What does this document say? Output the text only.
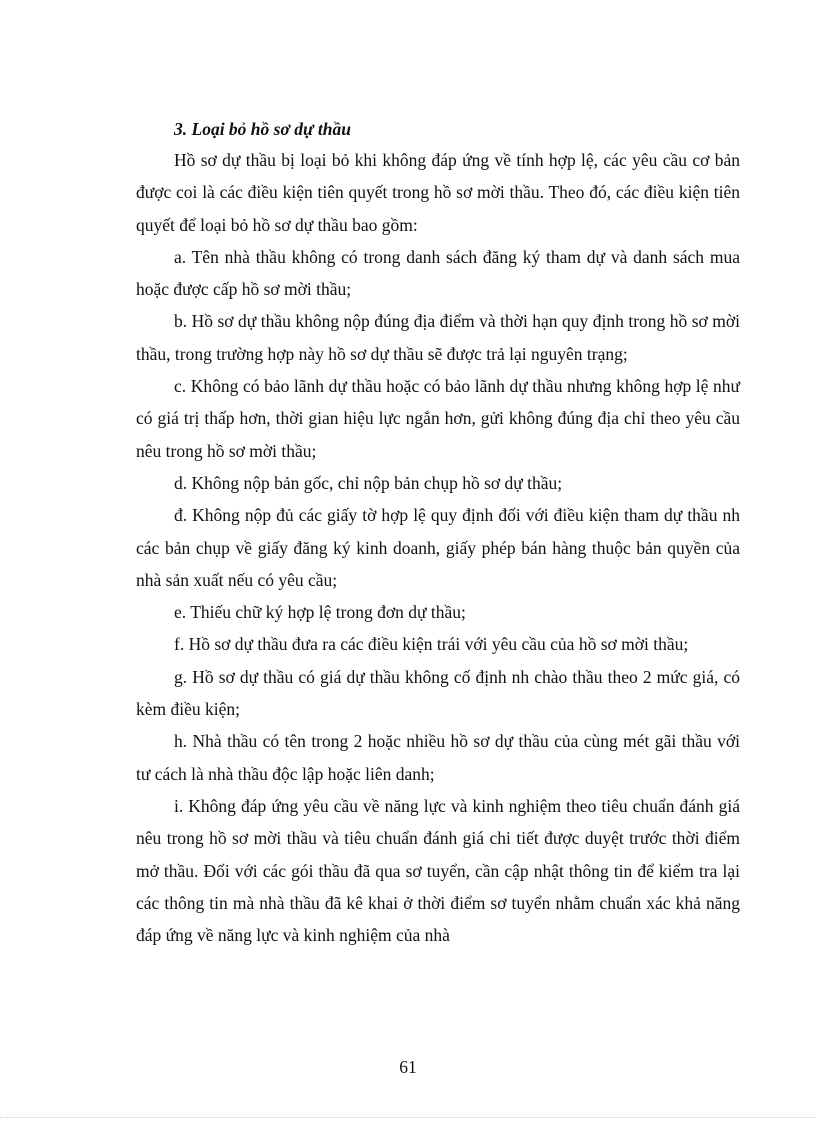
3. Loại bỏ hồ sơ dự thầu

Hồ sơ dự thầu bị loại bỏ khi không đáp ứng về tính hợp lệ, các yêu cầu cơ bản được coi là các điều kiện tiên quyết trong hồ sơ mời thầu. Theo đó, các điều kiện tiên quyết để loại bỏ hồ sơ dự thầu bao gồm:

a. Tên nhà thầu không có trong danh sách đăng ký tham dự và danh sách mua hoặc được cấp hồ sơ mời thầu;

b. Hồ sơ dự thầu không nộp đúng địa điểm và thời hạn quy định trong hồ sơ mời thầu, trong trường hợp này hồ sơ dự thầu sẽ được trả lại nguyên trạng;

c. Không có bảo lãnh dự thầu hoặc có bảo lãnh dự thầu nhưng không hợp lệ như có giá trị thấp hơn, thời gian hiệu lực ngắn hơn, gửi không đúng địa chỉ theo yêu cầu nêu trong hồ sơ mời thầu;

d. Không nộp bản gốc, chỉ nộp bản chụp hồ sơ dự thầu;

đ. Không nộp đủ các giấy tờ hợp lệ quy định đối với điều kiện tham dự thầu nh các bản chụp về giấy đăng ký kinh doanh, giấy phép bán hàng thuộc bản quyền của nhà sản xuất nếu có yêu cầu;

e. Thiếu chữ ký hợp lệ trong đơn dự thầu;

f. Hồ sơ dự thầu đưa ra các điều kiện trái với yêu cầu của hồ sơ mời thầu;

g. Hồ sơ dự thầu có giá dự thầu không cố định nh chào thầu theo 2 mức giá, có kèm điều kiện;

h. Nhà thầu có tên trong 2 hoặc nhiều hồ sơ dự thầu của cùng mét gãi thầu với tư cách là nhà thầu độc lập hoặc liên danh;

i. Không đáp ứng yêu cầu về năng lực và kinh nghiệm theo tiêu chuẩn đánh giá nêu trong hồ sơ mời thầu và tiêu chuẩn đánh giá chi tiết được duyệt trước thời điểm mở thầu. Đối với các gói thầu đã qua sơ tuyển, cần cập nhật thông tin để kiểm tra lại các thông tin mà nhà thầu đã kê khai ở thời điểm sơ tuyển nhằm chuẩn xác khả năng đáp ứng về năng lực và kinh nghiệm của nhà

61
